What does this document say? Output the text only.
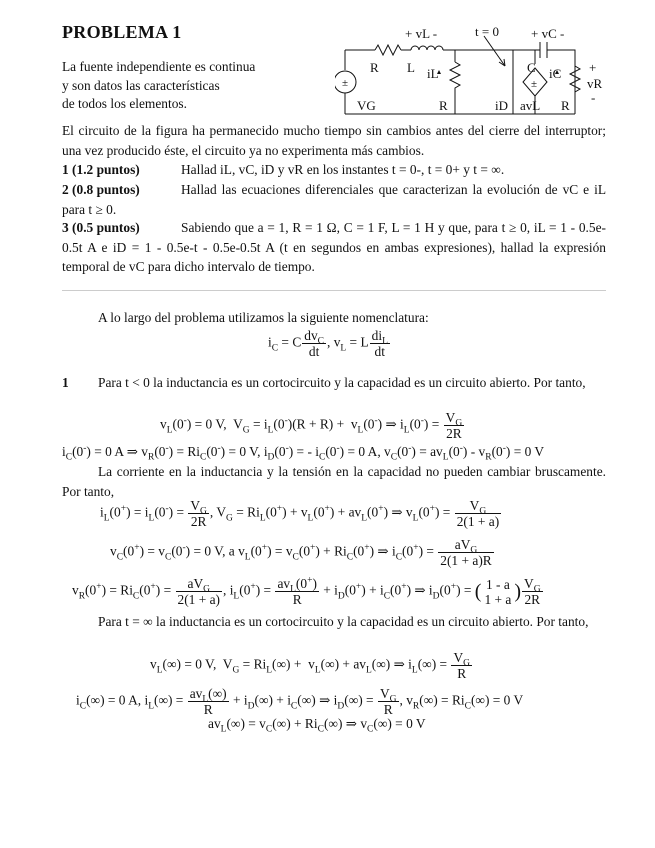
PROBLEMA 1
La fuente independiente es continua
y son datos las características
de todos los elementos.
±	±
+ vL -	t = 0 + vC -
R L iL	C iC +
vR
-
VG	R	iD avL R
El circuito de la figura ha permanecido mucho tiempo sin cambios antes del cierre del interruptor; una vez producido éste, el circuito ya no experimenta más cambios.
1 (1.2 puntos)	Hallad iL, vC, iD y vR en los instantes t = 0-, t = 0+ y t = ∞.
2 (0.8 puntos)	Hallad las ecuaciones diferenciales que caracterizan la evolución de vC e iL para t ≥ 0.
3 (0.5 puntos)	Sabiendo que a = 1, R = 1 Ω, C = 1 F, L = 1 H y que, para t ≥ 0, iL = 1 - 0.5e-0.5t A e iD = 1 - 0.5e-t - 0.5e-0.5t A (t en segundos en ambas expresiones), hallad la expresión temporal de vC para dicho intervalo de tiempo.
A lo largo del problema utilizamos la siguiente nomenclatura:
$i_C = C \frac{dv_C}{dt}$ , $v_L = L \frac{di_L}{dt}$
1 Para t < 0 la inductancia es un cortocircuito y la capacidad es un circuito abierto. Por tanto,
$v_L(0^-) = 0$ V,  $V_G = i_L(0^-)(R + R) + v_L(0^-)$ ⇒ $i_L(0^-) = \frac{V_G}{2R}$
$i_C(0^-) = 0$ A ⇒ $v_R(0^-) = Ri_C(0^-) = 0$ V, $i_D(0^-)$ = - $i_C(0^-) = 0$ A, $v_C(0^-) = av_L(0^-) - v_R(0^-) = 0$ V
La corriente en la inductancia y la tensión en la capacidad no pueden cambiar bruscamente. Por tanto,
$i_L(0^+) = i_L(0^-) = \frac{V_G}{2R}$ , $V_G = Ri_L(0^+) + v_L(0^+) + av_L(0^+)$ ⇒ $v_L(0^+) = \frac{V_G}{2(1 + a)}$
$v_C(0^+) = v_C(0^-) = 0$ V, a $v_L(0^+) = v_C(0^+) + Ri_C(0^+)$ ⇒ $i_C(0^+) = \frac{aV_G}{2(1 + a)R}$
$v_R(0^+) = Ri_C(0^+) = \frac{aV_G}{2(1 + a)}$ , $i_L(0^+) = \frac{av_L(0^+)}{R} + i_D(0^+) + i_C(0^+)$ ⇒ $i_D(0^+)$ = ( 1 - a
1 + a ) $\frac{V_G}{2R}$
Para t = ∞ la inductancia es un cortocircuito y la capacidad es un circuito abierto. Por tanto,
$v_L(\infty) = 0$ V,  $V_G = Ri_L(\infty) + v_L(\infty) + av_L(\infty)$ ⇒ $i_L(\infty) = \frac{V_G}{R}$
$i_C(\infty) = 0$ A, $i_L(\infty) = \frac{av_L(\infty)}{R} + i_D(\infty) + i_C(\infty)$ ⇒ $i_D(\infty) = \frac{V_G}{R}$ , $v_R(\infty) = Ri_C(\infty) = 0$ V
$av_L(\infty) = v_C(\infty) + Ri_C(\infty)$ ⇒ $v_C(\infty) = 0$ V
